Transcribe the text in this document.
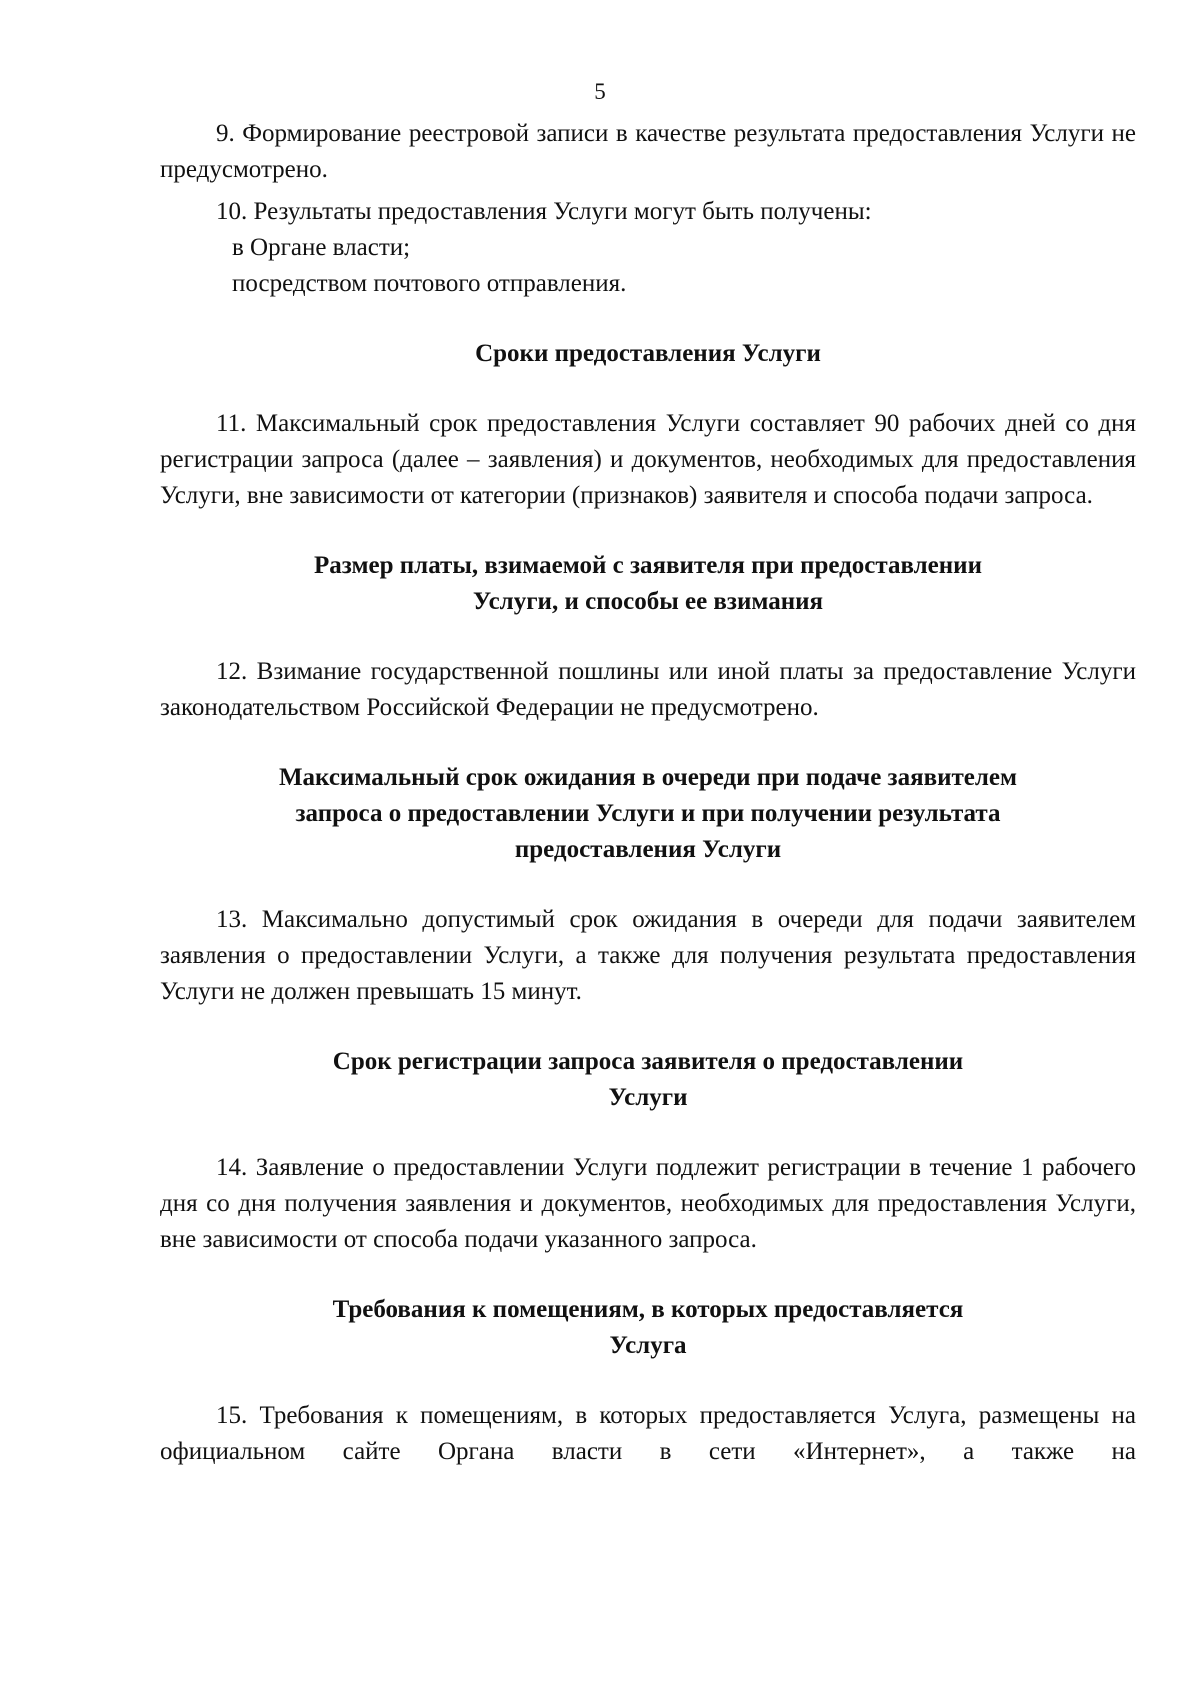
5

9. Формирование реестровой записи в качестве результата предоставления Услуги не предусмотрено.

10. Результаты предоставления Услуги могут быть получены:

в Органе власти;

посредством почтового отправления.

Сроки предоставления Услуги

11. Максимальный срок предоставления Услуги составляет 90 рабочих дней со дня регистрации запроса (далее – заявления) и документов, необходимых для предоставления Услуги, вне зависимости от категории (признаков) заявителя и способа подачи запроса.

Размер платы, взимаемой с заявителя при предоставлении

Услуги, и способы ее взимания

12. Взимание государственной пошлины или иной платы за предоставление Услуги законодательством Российской Федерации не предусмотрено.

Максимальный срок ожидания в очереди при подаче заявителем

запроса о предоставлении Услуги и при получении результата

предоставления Услуги

13. Максимально допустимый срок ожидания в очереди для подачи заявителем заявления о предоставлении Услуги, а также для получения результата предоставления Услуги не должен превышать 15 минут.

Срок регистрации запроса заявителя о предоставлении

Услуги

14. Заявление о предоставлении Услуги подлежит регистрации в течение 1 рабочего дня со дня получения заявления и документов, необходимых для предоставления Услуги, вне зависимости от способа подачи указанного запроса.

Требования к помещениям, в которых предоставляется

Услуга

15. Требования к помещениям, в которых предоставляется Услуга, размещены на официальном сайте Органа власти в сети «Интернет», а также на
